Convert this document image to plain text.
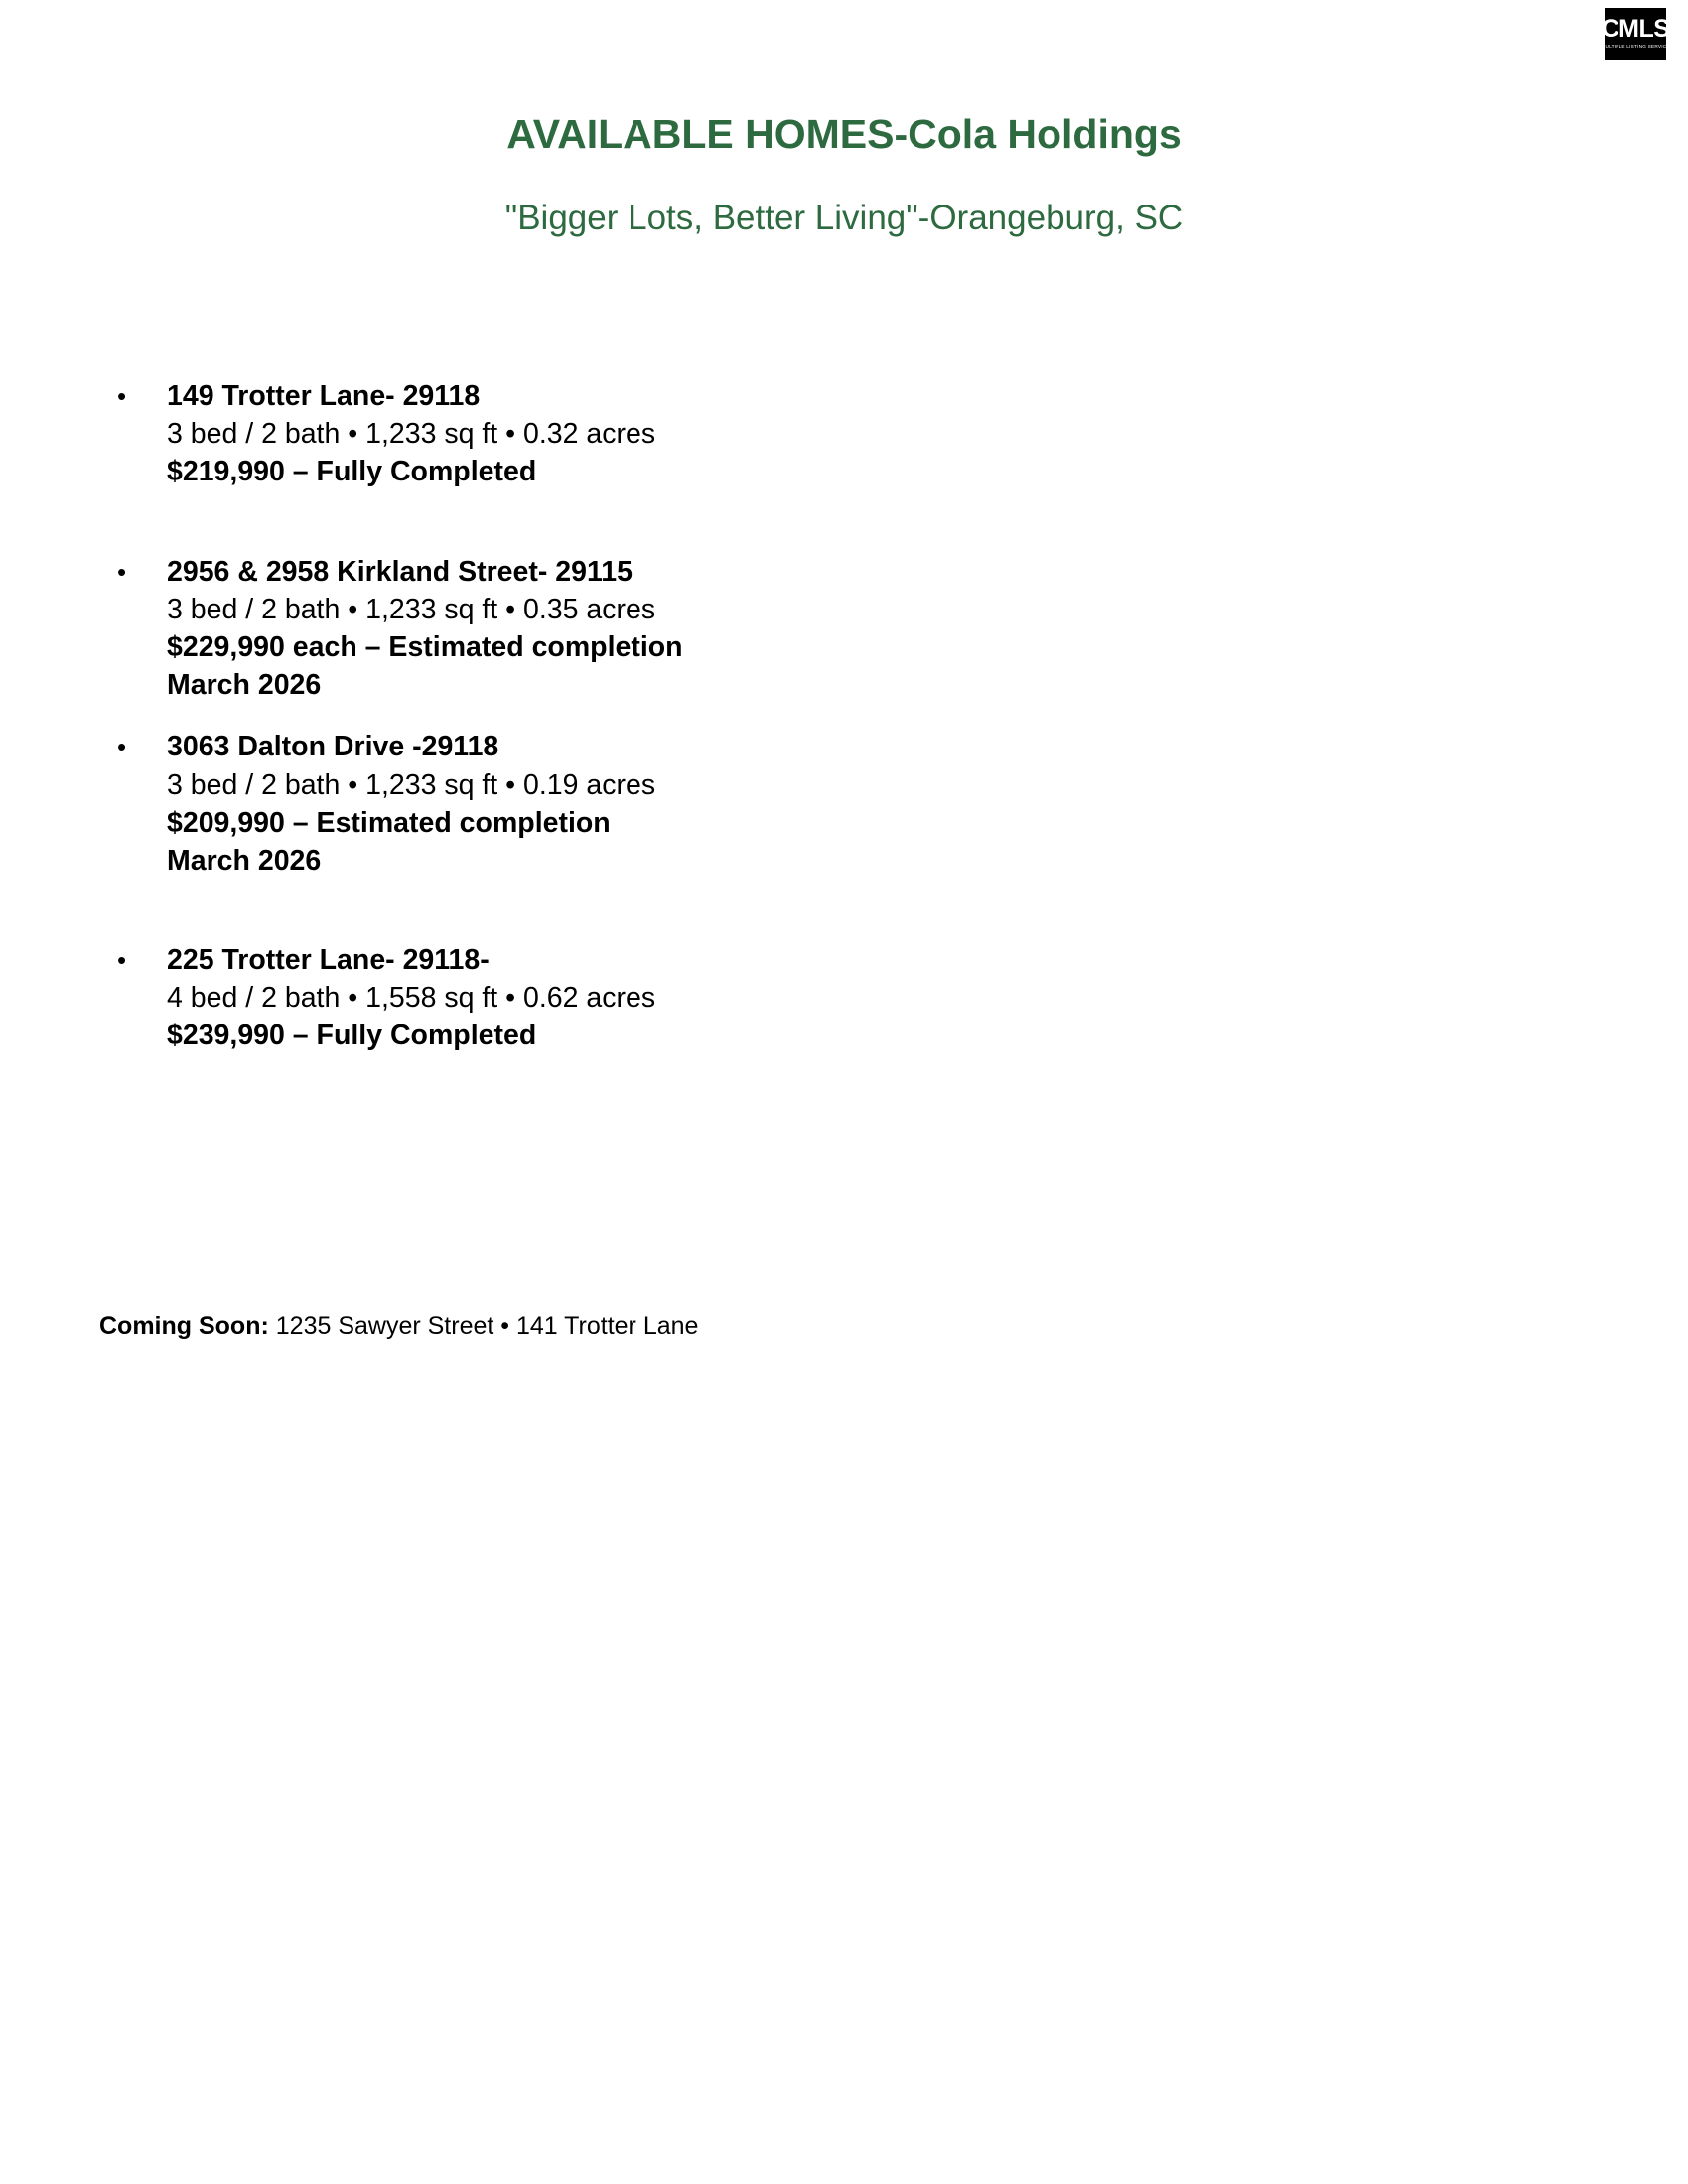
CMLS
MULTIPLE LISTING SERVICE
AVAILABLE HOMES-Cola Holdings
"Bigger Lots, Better Living"-Orangeburg, SC
• 149 Trotter Lane- 29118

3 bed / 2 bath • 1,233 sq ft • 0.32 acres

$219,990 – Fully Completed

• 2956 & 2958 Kirkland Street- 29115

3 bed / 2 bath • 1,233 sq ft • 0.35 acres

$229,990 each – Estimated completion

March 2026

• 3063 Dalton Drive -29118

3 bed / 2 bath • 1,233 sq ft • 0.19 acres

$209,990 – Estimated completion

March 2026

• 225 Trotter Lane- 29118-

4 bed / 2 bath • 1,558 sq ft • 0.62 acres

$239,990 – Fully Completed

Coming Soon: 1235 Sawyer Street • 141 Trotter Lane
